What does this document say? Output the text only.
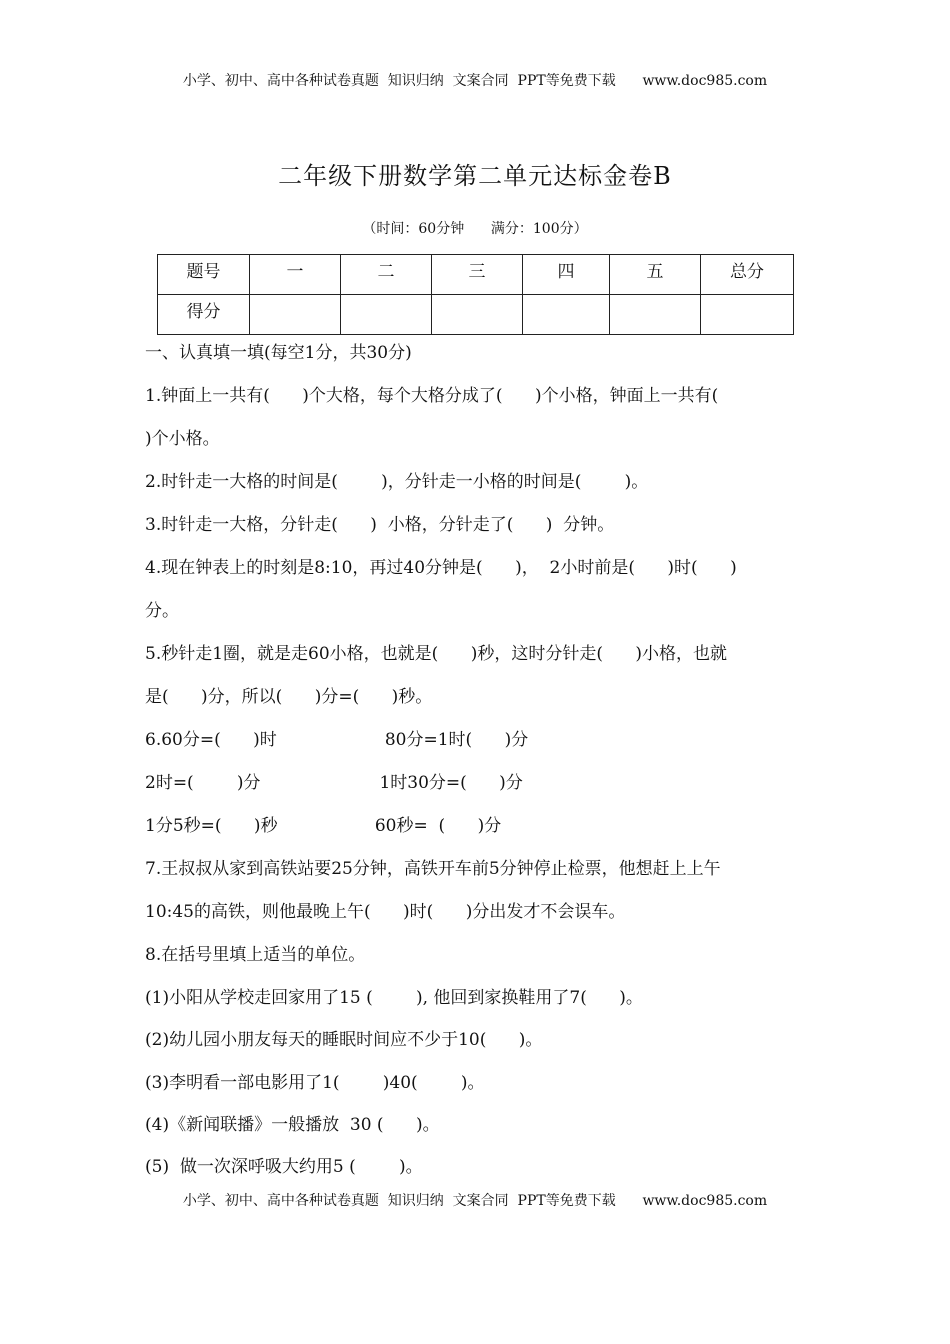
小学、初中、高中各种试卷真题  知识归纳  文案合同  PPT等免费下载      www.doc985.com
二年级下册数学第二单元达标金卷B
（时间：60分钟      满分：100分）
题号	一	二	三	四	五	总分
得分						
一、认真填一填(每空1分，共30分)
1.钟面上一共有(      )个大格，每个大格分成了(      )个小格，钟面上一共有(
)个小格。
2.时针走一大格的时间是(        )，分针走一小格的时间是(        )。
3.时针走一大格，分针走(      )  小格，分针走了(      )  分钟。
4.现在钟表上的时刻是8:10，再过40分钟是(      )，  2小时前是(      )时(      )
分。
5.秒针走1圈，就是走60小格，也就是(      )秒，这时分针走(      )小格，也就
是(      )分，所以(      )分=(      )秒。
6.60分=(      )时                    80分=1时(      )分
2时=(        )分                      1时30分=(      )分
1分5秒=(      )秒                  60秒=  (      )分
7.王叔叔从家到高铁站要25分钟，高铁开车前5分钟停止检票，他想赶上上午
10:45的高铁，则他最晚上午(      )时(      )分出发才不会误车。
8.在括号里填上适当的单位。
(1)小阳从学校走回家用了15 (        ), 他回到家换鞋用了7(      )。
(2)幼儿园小朋友每天的睡眠时间应不少于10(      )。
(3)李明看一部电影用了1(        )40(        )。
(4)《新闻联播》一般播放  30 (      )。
(5)  做一次深呼吸大约用5 (        )。
小学、初中、高中各种试卷真题  知识归纳  文案合同  PPT等免费下载      www.doc985.com
